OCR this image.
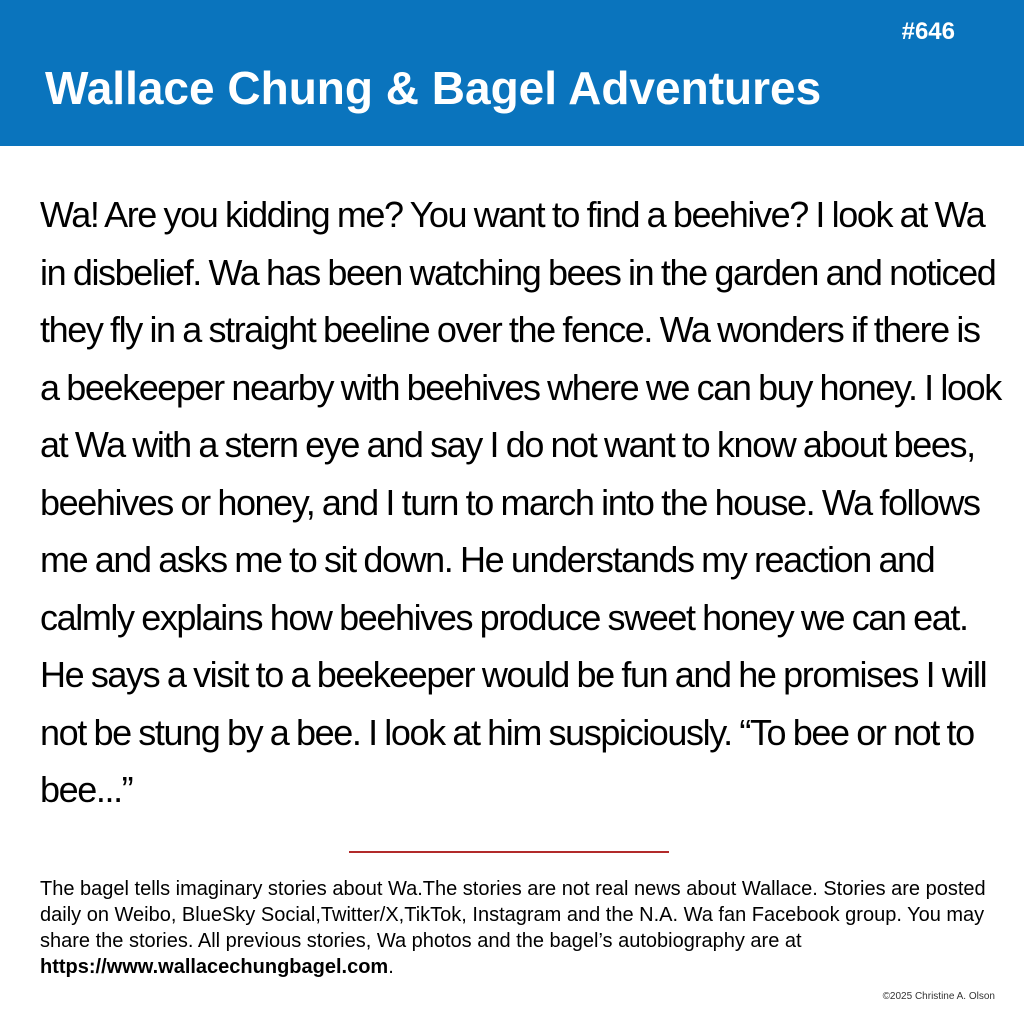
#646
Wallace Chung & Bagel Adventures

Wa! Are you kidding me? You want to find a beehive? I look at Wa in disbelief. Wa has been watching bees in the garden and noticed they fly in a straight beeline over the fence. Wa wonders if there is a beekeeper nearby with beehives where we can buy honey. I look at Wa with a stern eye and say I do not want to know about bees, beehives or honey, and I turn to march into the house. Wa follows me and asks me to sit down. He understands my reaction and calmly explains how beehives produce sweet honey we can eat. He says a visit to a beekeeper would be fun and he promises I will not be stung by a bee. I look at him suspiciously. “To bee or not to bee...”

The bagel tells imaginary stories about Wa.The stories are not real news about Wallace. Stories are posted daily on Weibo, BlueSky Social,Twitter/X,TikTok, Instagram and the N.A. Wa fan Facebook group. You may share the stories. All previous stories, Wa photos and the bagel’s autobiography are at https://www.wallacechungbagel.com.

©2025 Christine A. Olson
